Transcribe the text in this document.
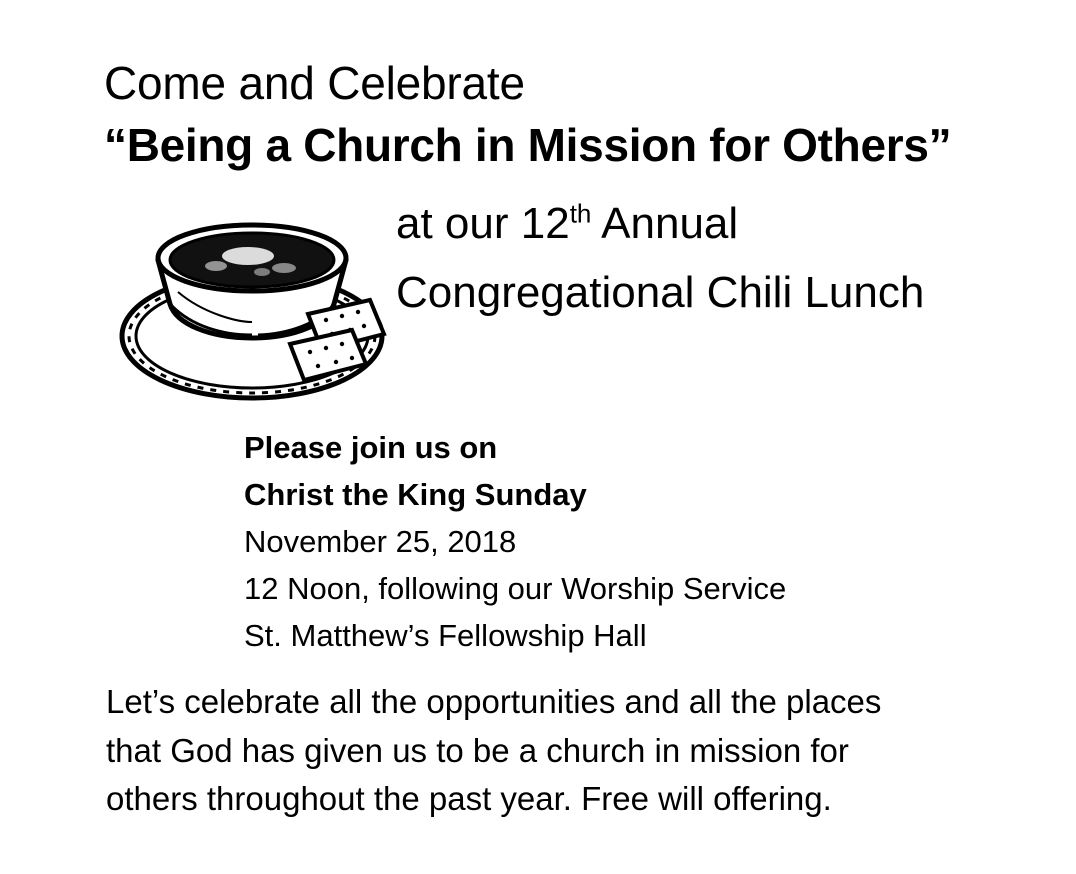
Come and Celebrate
“Being a Church in Mission for Others”
at our 12th Annual
Congregational Chili Lunch
Please join us on
Christ the King Sunday
November 25, 2018
12 Noon, following our Worship Service
St. Matthew’s Fellowship Hall
Let’s celebrate all the opportunities and all the places
that God has given us to be a church in mission for
others throughout the past year. Free will offering.
